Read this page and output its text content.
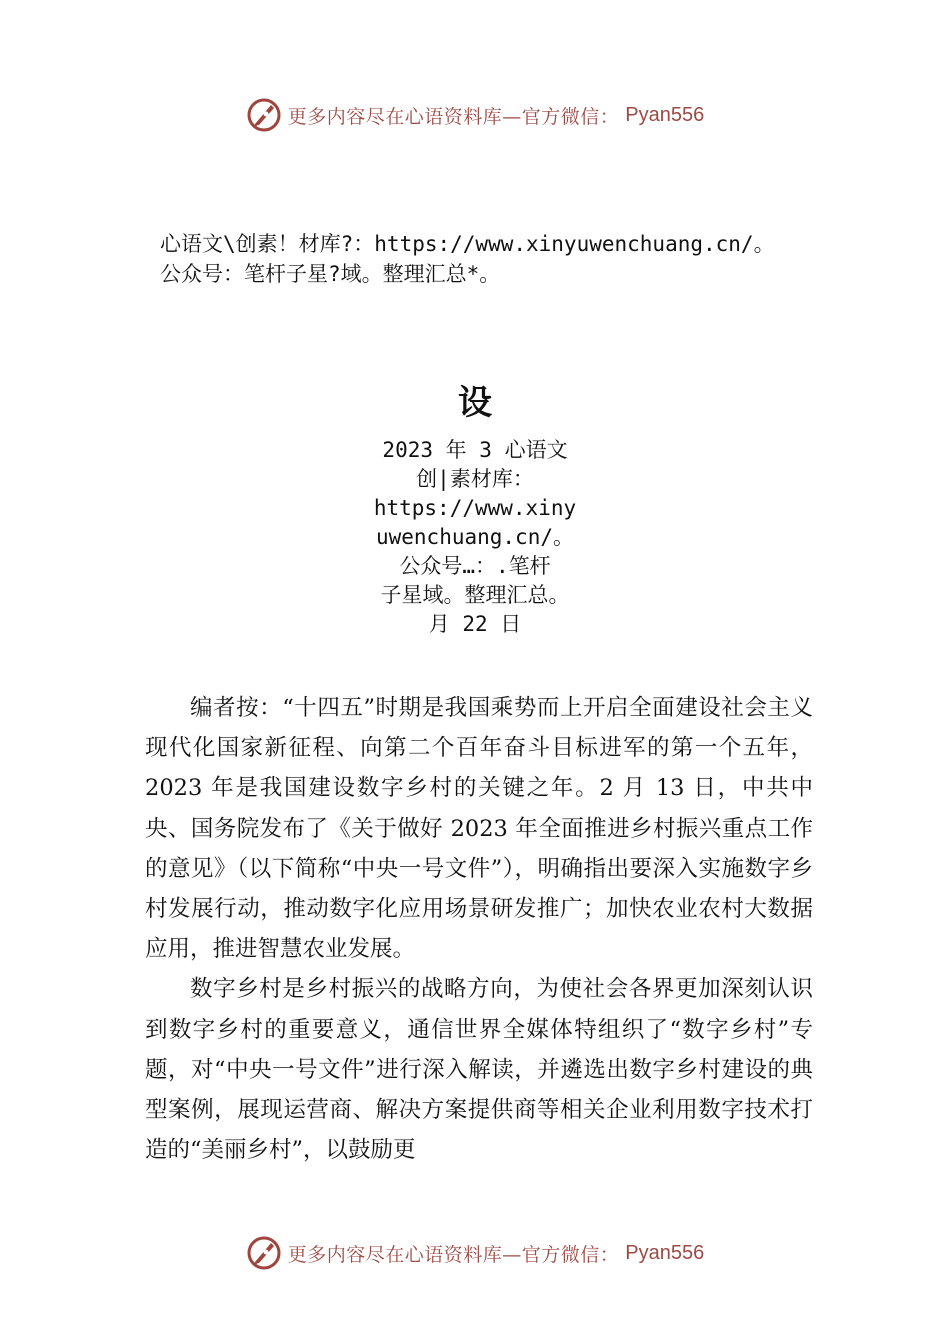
更多内容尽在心语资料库—官方微信： Pyan556
心语文\创素！材库?：https://www.xinyuwenchuang.cn/。
公众号：笔杆子星?域。整理汇总*。
设
2023 年 3 心语文
创|素材库：
https://www.xiny
uwenchuang.cn/。
公众号…：.笔杆
子星域。整理汇总。
月 22 日

编者按：“十四五”时期是我国乘势而上开启全面建设社会主义现代化国家新征程、向第二个百年奋斗目标进军的第一个五年，2023 年是我国建设数字乡村的关键之年。2 月 13 日，中共中央、国务院发布了《关于做好 2023 年全面推进乡村振兴重点工作的意见》（以下简称“中央一号文件”），明确指出要深入实施数字乡村发展行动，推动数字化应用场景研发推广；加快农业农村大数据应用，推进智慧农业发展。

数字乡村是乡村振兴的战略方向，为使社会各界更加深刻认识到数字乡村的重要意义，通信世界全媒体特组织了“数字乡村”专题，对“中央一号文件”进行深入解读，并遴选出数字乡村建设的典型案例，展现运营商、解决方案提供商等相关企业利用数字技术打造的“美丽乡村”，以鼓励更

更多内容尽在心语资料库—官方微信： Pyan556
